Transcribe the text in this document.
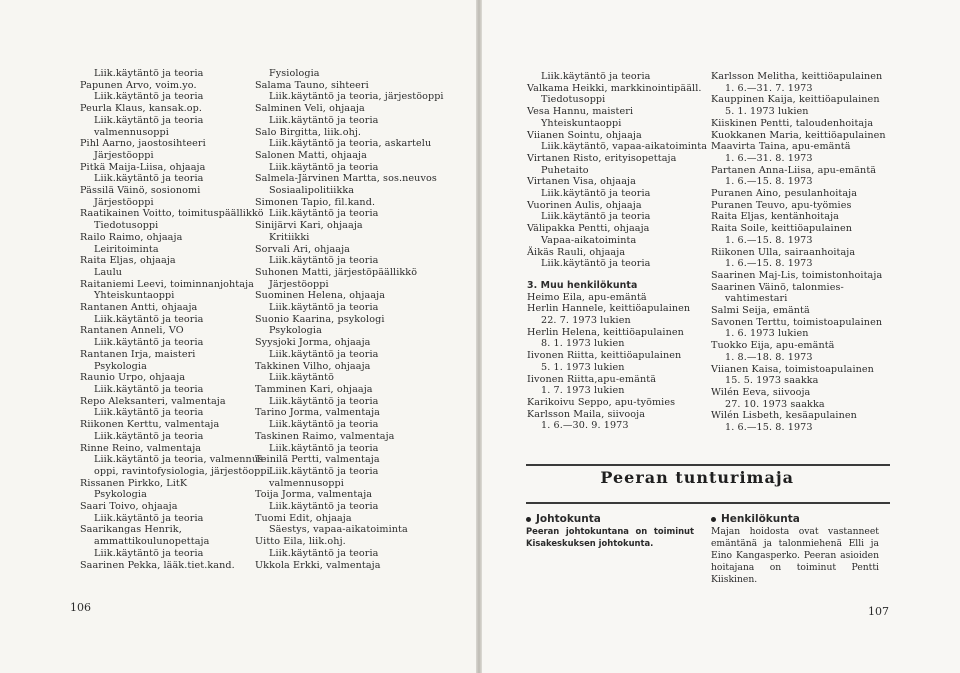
Liik.käytäntö ja teoria
Papunen Arvo, voim.yo.
Liik.käytäntö ja teoria
Peurla Klaus, kansak.op.
Liik.käytäntö ja teoria
valmennusoppi
Pihl Aarno, jaostosihteeri
Järjestöoppi
Pitkä Maija-Liisa, ohjaaja
Liik.käytäntö ja teoria
Pässilä Väinö, sosionomi
Järjestöoppi
Raatikainen Voitto, toimituspäällikkö
Tiedotusoppi
Railo Raimo, ohjaaja
Leiritoiminta
Raita Eljas, ohjaaja
Laulu
Raitaniemi Leevi, toiminnanjohtaja
Yhteiskuntaoppi
Rantanen Antti, ohjaaja
Liik.käytäntö ja teoria
Rantanen Anneli, VO
Liik.käytäntö ja teoria
Rantanen Irja, maisteri
Psykologia
Raunio Urpo, ohjaaja
Liik.käytäntö ja teoria
Repo Aleksanteri, valmentaja
Liik.käytäntö ja teoria
Riikonen Kerttu, valmentaja
Liik.käytäntö ja teoria
Rinne Reino, valmentaja
Liik.käytäntö ja teoria, valmennus-
oppi, ravintofysiologia, järjestöoppi
Rissanen Pirkko, LitK
Psykologia
Saari Toivo, ohjaaja
Liik.käytäntö ja teoria
Saarikangas Henrik,
ammattikoulunopettaja
Liik.käytäntö ja teoria
Saarinen Pekka, lääk.tiet.kand.
Fysiologia
Salama Tauno, sihteeri
Liik.käytäntö ja teoria, järjestöoppi
Salminen Veli, ohjaaja
Liik.käytäntö ja teoria
Salo Birgitta, liik.ohj.
Liik.käytäntö ja teoria, askartelu
Salonen Matti, ohjaaja
Liik.käytäntö ja teoria
Salmela-Järvinen Martta, sos.neuvos
Sosiaalipolitiikka
Simonen Tapio, fil.kand.
Liik.käytäntö ja teoria
Sinijärvi Kari, ohjaaja
Kritiikki
Sorvali Ari, ohjaaja
Liik.käytäntö ja teoria
Suhonen Matti, järjestöpäällikkö
Järjestöoppi
Suominen Helena, ohjaaja
Liik.käytäntö ja teoria
Suonio Kaarina, psykologi
Psykologia
Syysjoki Jorma, ohjaaja
Liik.käytäntö ja teoria
Takkinen Vilho, ohjaaja
Liik.käytäntö
Tamminen Kari, ohjaaja
Liik.käytäntö ja teoria
Tarino Jorma, valmentaja
Liik.käytäntö ja teoria
Taskinen Raimo, valmentaja
Liik.käytäntö ja teoria
Teinilä Pertti, valmentaja
Liik.käytäntö ja teoria
valmennusoppi
Toija Jorma, valmentaja
Liik.käytäntö ja teoria
Tuomi Edit, ohjaaja
Säestys, vapaa-aikatoiminta
Uitto Eila, liik.ohj.
Liik.käytäntö ja teoria
Ukkola Erkki, valmentaja
Liik.käytäntö ja teoria
Valkama Heikki, markkinointipääll.
Tiedotusoppi
Vesa Hannu, maisteri
Yhteiskuntaoppi
Viianen Sointu, ohjaaja
Liik.käytäntö, vapaa-aikatoiminta
Virtanen Risto, erityisopettaja
Puhetaito
Virtanen Visa, ohjaaja
Liik.käytäntö ja teoria
Vuorinen Aulis, ohjaaja
Liik.käytäntö ja teoria
Välipakka Pentti, ohjaaja
Vapaa-aikatoiminta
Äikäs Rauli, ohjaaja
Liik.käytäntö ja teoria
3. Muu henkilökunta
Heimo Eila, apu-emäntä
Herlin Hannele, keittiöapulainen
22. 7. 1973 lukien
Herlin Helena, keittiöapulainen
8. 1. 1973 lukien
Iivonen Riitta, keittiöapulainen
5. 1. 1973 lukien
Iivonen Riitta,apu-emäntä
1. 7. 1973 lukien
Karikoivu Seppo, apu-työmies
Karlsson Maila, siivooja
1. 6.—30. 9. 1973
Karlsson Melitha, keittiöapulainen
1. 6.—31. 7. 1973
Kauppinen Kaija, keittiöapulainen
5. 1. 1973 lukien
Kiiskinen Pentti, taloudenhoitaja
Kuokkanen Maria, keittiöapulainen
Maavirta Taina, apu-emäntä
1. 6.—31. 8. 1973
Partanen Anna-Liisa, apu-emäntä
1. 6.—15. 8. 1973
Puranen Aino, pesulanhoitaja
Puranen Teuvo, apu-työmies
Raita Eljas, kentänhoitaja
Raita Soile, keittiöapulainen
1. 6.—15. 8. 1973
Riikonen Ulla, sairaanhoitaja
1. 6.—15. 8. 1973
Saarinen Maj-Lis, toimistonhoitaja
Saarinen Väinö, talonmies-
vahtimestari
Salmi Seija, emäntä
Savonen Terttu, toimistoapulainen
1. 6. 1973 lukien
Tuokko Eija, apu-emäntä
1. 8.—18. 8. 1973
Viianen Kaisa, toimistoapulainen
15. 5. 1973 saakka
Wilén Eeva, siivooja
27. 10. 1973 saakka
Wilén Lisbeth, kesäapulainen
1. 6.—15. 8. 1973
Peeran tunturimaja
Johtokunta
Peeran johtokuntana on toiminut Kisakeskuksen johtokunta.
Henkilökunta
Majan hoidosta ovat vastanneet emäntänä ja talonmiehenä Elli ja Eino Kangasperko. Peeran asioiden hoitajana on toiminut Pentti Kiiskinen.
106	107
